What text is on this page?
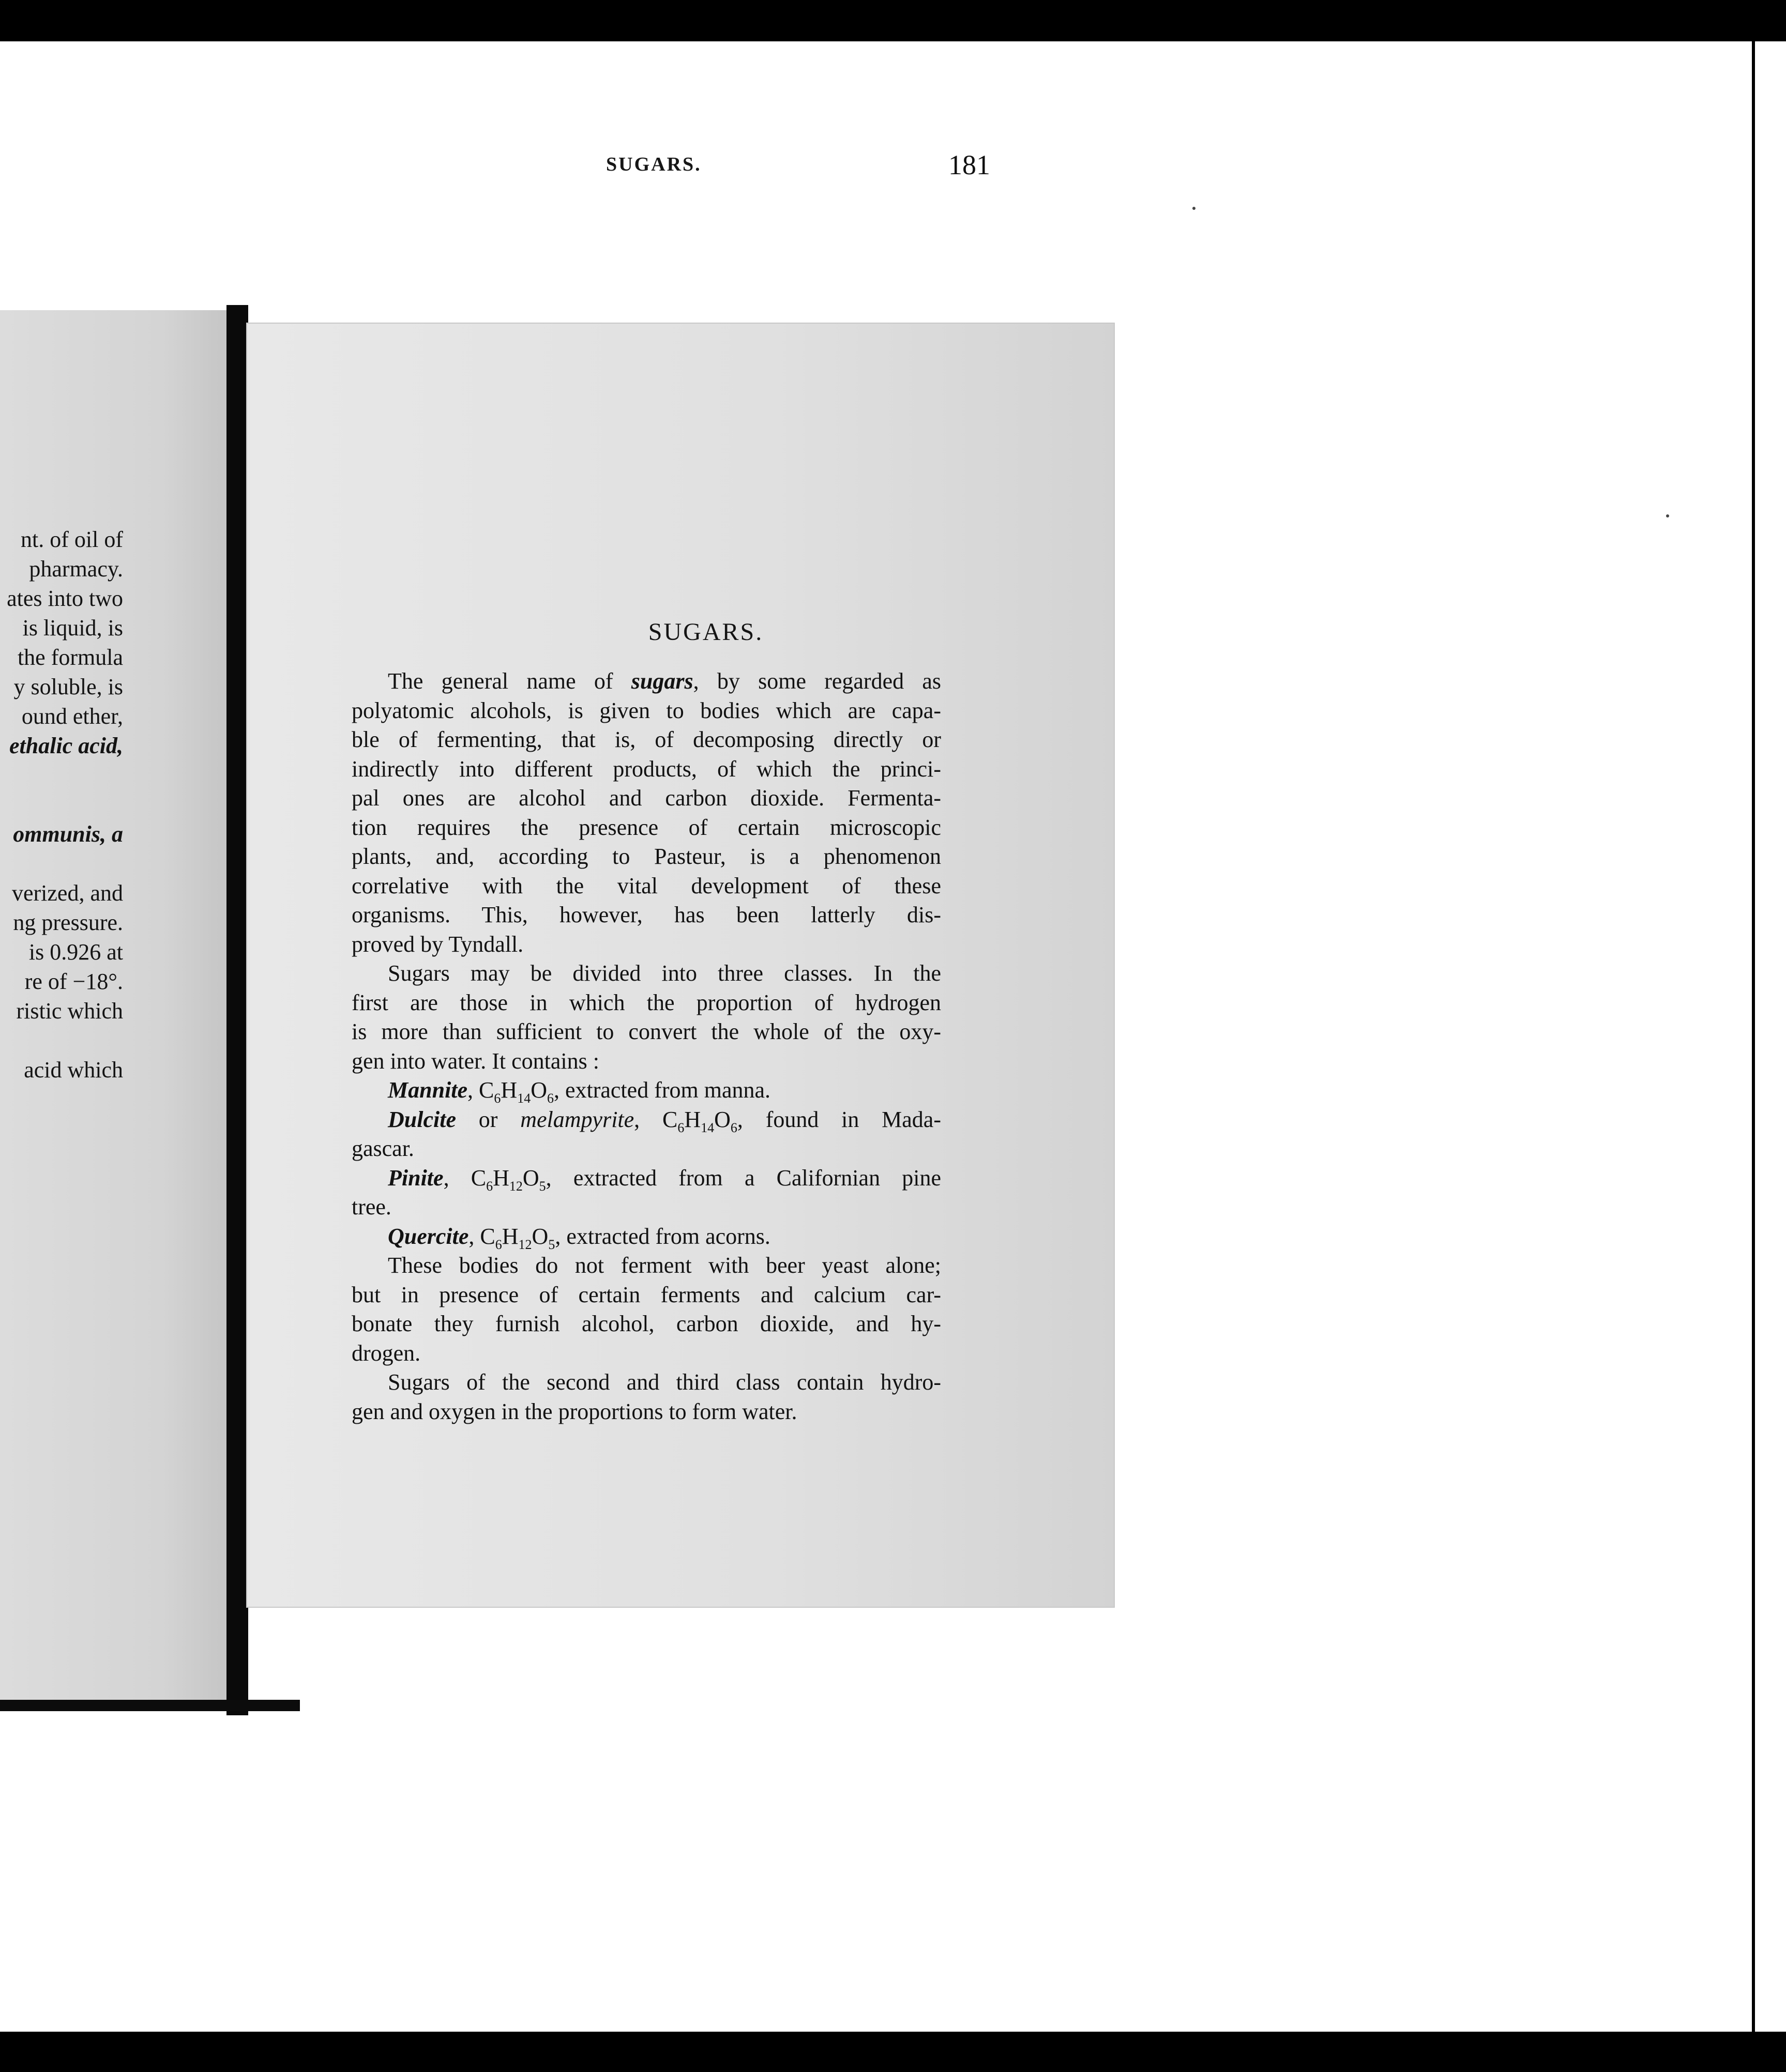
nt. of oil of
pharmacy.
ates into two
is liquid, is
the formula
y soluble, is
ound ether,
ethalic acid,
ommunis, a
verized, and
ng pressure.
is 0.926 at
re of −18°.
ristic which
acid which
SUGARS.	181
SUGARS.
The general name of sugars, by some regarded as
polyatomic alcohols, is given to bodies which are capa-
ble of fermenting, that is, of decomposing directly or
indirectly into different products, of which the princi-
pal ones are alcohol and carbon dioxide. Fermenta-
tion requires the presence of certain microscopic
plants, and, according to Pasteur, is a phenomenon
correlative with the vital development of these
organisms. This, however, has been latterly dis-
proved by Tyndall.
Sugars may be divided into three classes. In the
first are those in which the proportion of hydrogen
is more than sufficient to convert the whole of the oxy-
gen into water. It contains :
Mannite, $C_6H_{14}O_6$, extracted from manna.
Dulcite or melampyrite, $C_6H_{14}O_6$, found in Mada-
gascar.
Pinite, $C_6H_{12}O_5$, extracted from a Californian pine
tree.
Quercite, $C_6H_{12}O_5$, extracted from acorns.
These bodies do not ferment with beer yeast alone;
but in presence of certain ferments and calcium car-
bonate they furnish alcohol, carbon dioxide, and hy-
drogen.
Sugars of the second and third class contain hydro-
gen and oxygen in the proportions to form water.
